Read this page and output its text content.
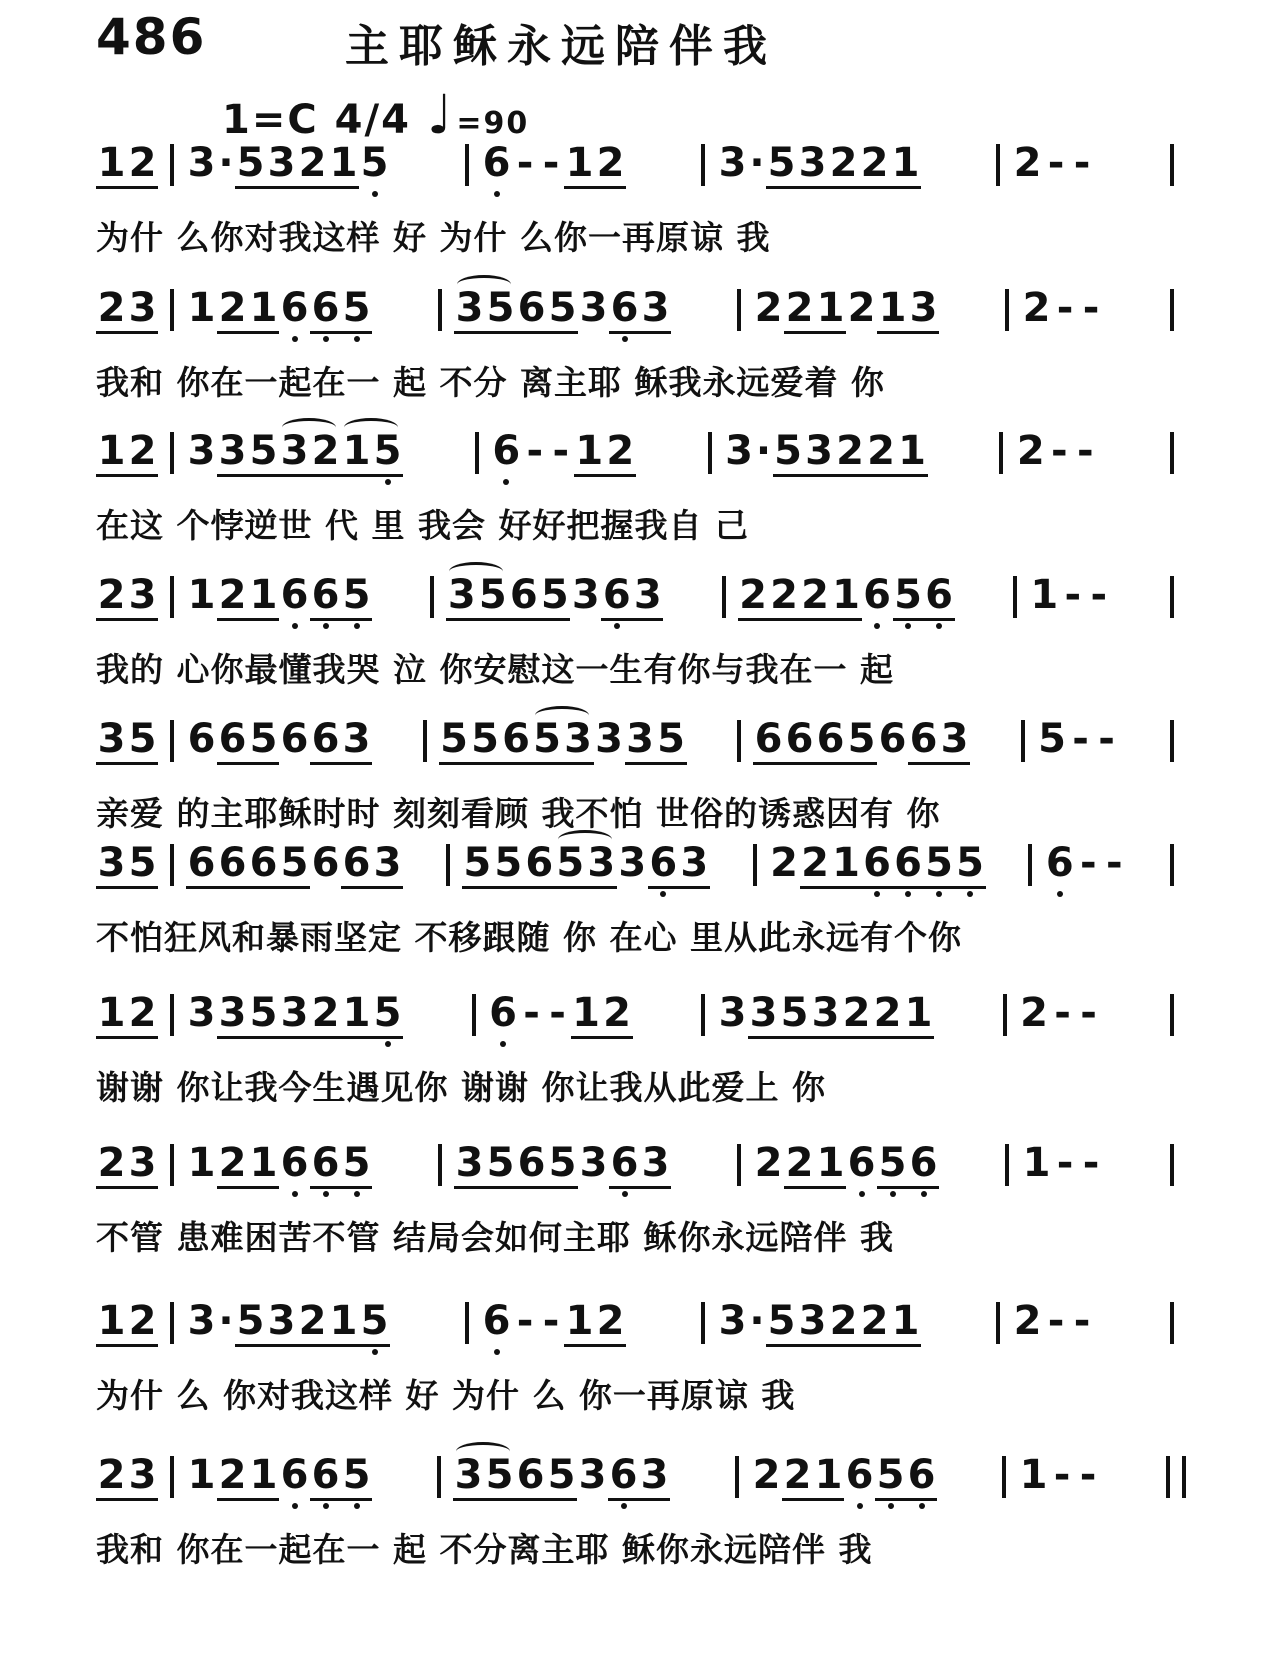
486	主耶稣永远陪伴我
1=C 4/4 ♩ =90
1 2 3 · 5 3 2 1 5 6 - - 1 2 3 · 5 3 2 2 1 2 - -
为什 么你对我这样 好 为什 么你一再原谅 我
2 3 1 2 1 6 6 5 3 5 6 5 3 6 3 2 2 1 2 1 3 2 - -
我和 你在一起在一 起 不分 离主耶 稣我永远爱着 你
1 2 3 3 5 3 2 1 5 6 - - 1 2 3 · 5 3 2 2 1 2 - -
在这 个悖逆世 代 里 我会 好好把握我自 己
2 3 1 2 1 6 6 5 3 5 6 5 3 6 3 2 2 2 1 6 5 6 1 - -
我的 心你最懂我哭 泣 你安慰这一生有你与我在一 起
3 5 6 6 5 6 6 3 5 5 6 5 3 3 3 5 6 6 6 5 6 6 3 5 - -
亲爱 的主耶稣时时 刻刻看顾 我不怕 世俗的诱惑因有 你
3 5 6 6 6 5 6 6 3 5 5 6 5 3 3 6 3 2 2 1 6 6 5 5 6 - -
不怕狂风和暴雨坚定 不移跟随 你 在心 里从此永远有个你
1 2 3 3 5 3 2 1 5 6 - - 1 2 3 3 5 3 2 2 1 2 - -
谢谢 你让我今生遇见你 谢谢 你让我从此爱上 你
2 3 1 2 1 6 6 5 3 5 6 5 3 6 3 2 2 1 6 5 6 1 - -
不管 患难困苦不管 结局会如何主耶 稣你永远陪伴 我
1 2 3 · 5 3 2 1 5 6 - - 1 2 3 · 5 3 2 2 1 2 - -
为什 么 你对我这样 好 为什 么 你一再原谅 我
2 3 1 2 1 6 6 5 3 5 6 5 3 6 3 2 2 1 6 5 6 1 - -
我和 你在一起在一 起 不分离主耶 稣你永远陪伴 我
